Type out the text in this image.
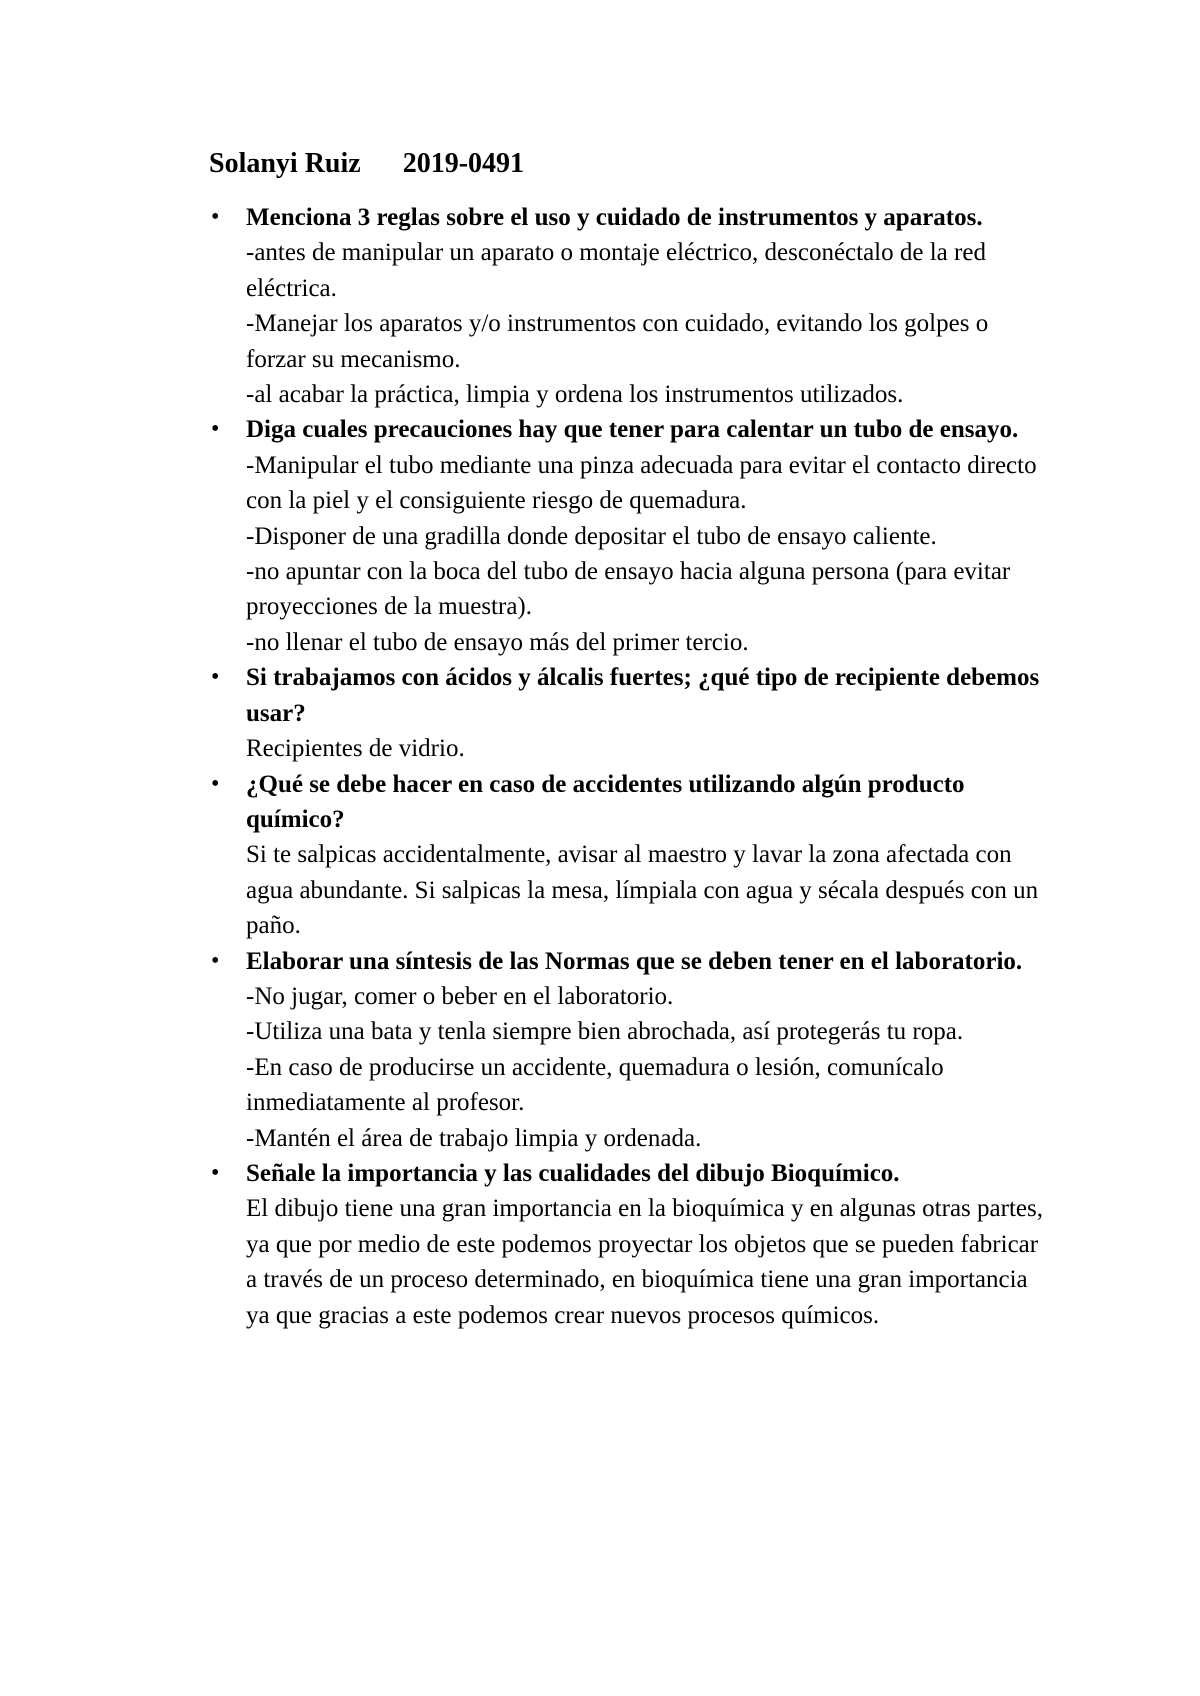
Solanyi Ruiz 2019-0491
• Menciona 3 reglas sobre el uso y cuidado de instrumentos y aparatos.

-antes de manipular un aparato o montaje eléctrico, desconéctalo de la red eléctrica.

-Manejar los aparatos y/o instrumentos con cuidado, evitando los golpes o forzar su mecanismo.

-al acabar la práctica, limpia y ordena los instrumentos utilizados.

• Diga cuales precauciones hay que tener para calentar un tubo de ensayo.

-Manipular el tubo mediante una pinza adecuada para evitar el contacto directo con la piel y el consiguiente riesgo de quemadura.

-Disponer de una gradilla donde depositar el tubo de ensayo caliente.

-no apuntar con la boca del tubo de ensayo hacia alguna persona (para evitar proyecciones de la muestra).

-no llenar el tubo de ensayo más del primer tercio.

• Si trabajamos con ácidos y álcalis fuertes; ¿qué tipo de recipiente debemos usar?

Recipientes de vidrio.

• ¿Qué se debe hacer en caso de accidentes utilizando algún producto químico?

Si te salpicas accidentalmente, avisar al maestro y lavar la zona afectada con agua abundante. Si salpicas la mesa, límpiala con agua y sécala después con un paño.

• Elaborar una síntesis de las Normas que se deben tener en el laboratorio.

-No jugar, comer o beber en el laboratorio.

-Utiliza una bata y tenla siempre bien abrochada, así protegerás tu ropa.

-En caso de producirse un accidente, quemadura o lesión, comunícalo inmediatamente al profesor.

-Mantén el área de trabajo limpia y ordenada.

• Señale la importancia y las cualidades del dibujo Bioquímico.

El dibujo tiene una gran importancia en la bioquímica y en algunas otras partes, ya que por medio de este podemos proyectar los objetos que se pueden fabricar a través de un proceso determinado, en bioquímica tiene una gran importancia ya que gracias a este podemos crear nuevos procesos químicos.
